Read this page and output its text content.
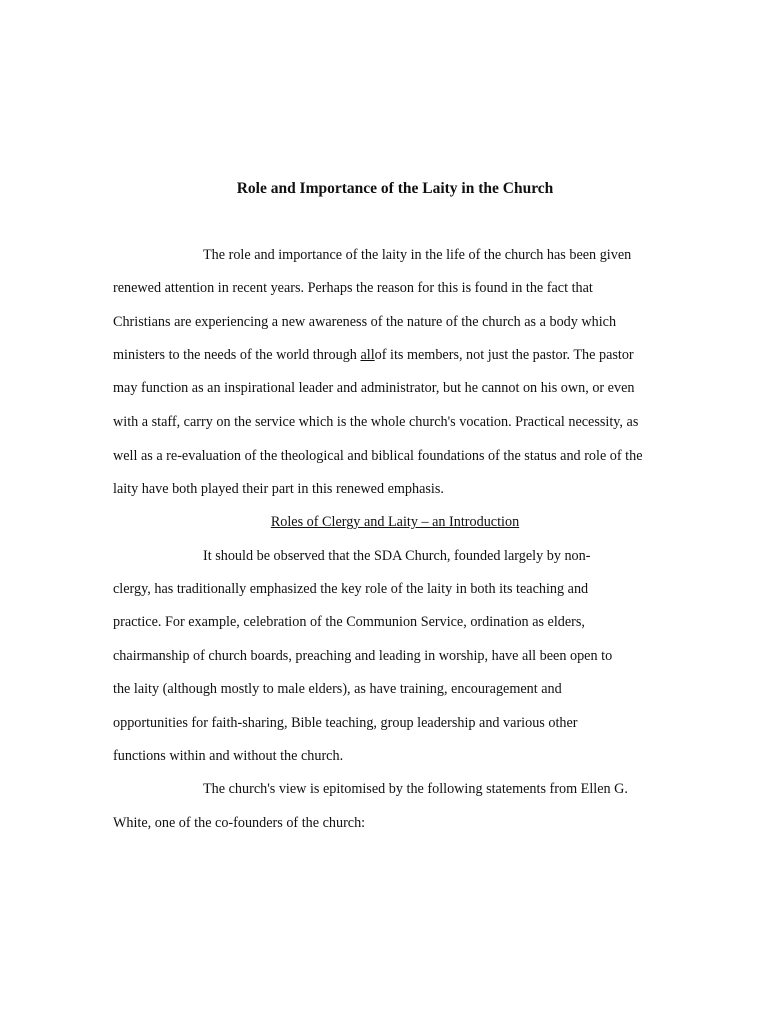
Role and Importance of the Laity in the Church

The role and importance of the laity in the life of the church has been given

renewed attention in recent years. Perhaps the reason for this is found in the fact that

Christians are experiencing a new awareness of the nature of the church as a body which

ministers to the needs of the world through allof its members, not just the pastor. The pastor

may function as an inspirational leader and administrator, but he cannot on his own, or even

with a staff, carry on the service which is the whole church's vocation. Practical necessity, as

well as a re-evaluation of the theological and biblical foundations of the status and role of the

laity have both played their part in this renewed emphasis.

Roles of Clergy and Laity – an Introduction

It should be observed that the SDA Church, founded largely by non-

clergy, has traditionally emphasized the key role of the laity in both its teaching and

practice. For example, celebration of the Communion Service, ordination as elders,

chairmanship of church boards, preaching and leading in worship, have all been open to

the laity (although mostly to male elders), as have training, encouragement and

opportunities for faith-sharing, Bible teaching, group leadership and various other

functions within and without the church.

The church's view is epitomised by the following statements from Ellen G.

White, one of the co-founders of the church:
